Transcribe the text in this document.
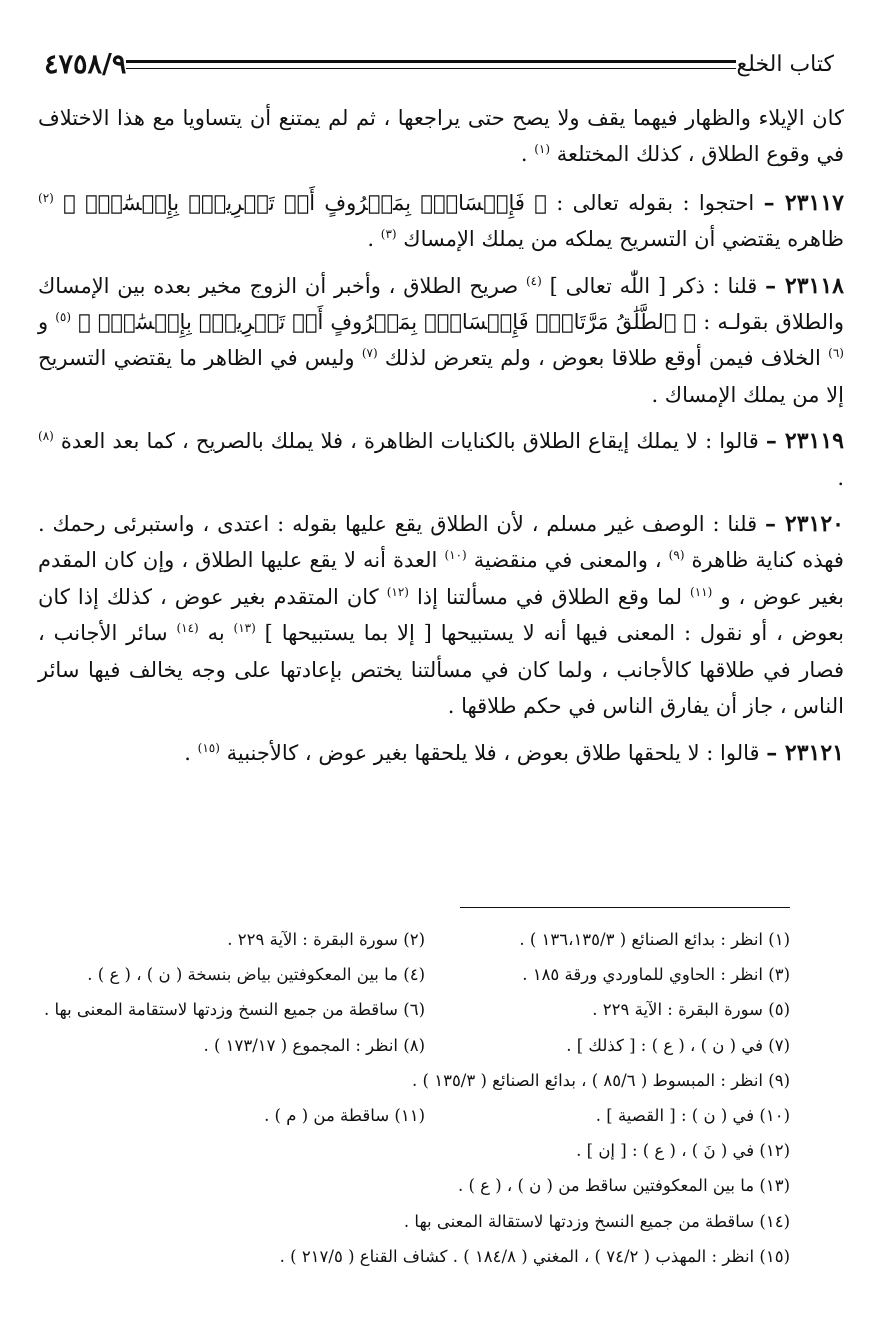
كتاب الخلع
٤٧٥٨/٩

كان الإيلاء والظهار فيهما يقف ولا يصح حتى يراجعها ، ثم لم يمتنع أن يتساويا مع هذا الاختلاف في وقوع الطلاق ، كذلك المختلعة $^{(١)}$ .

٢٣١١٧ – احتجوا : بقوله تعالى : ﴿ فَإِمۡسَاكُۢ بِمَعۡرُوفٍ أَوۡ تَسۡرِيحُۢ بِإِحۡسَٰنٖۗ ﴾ $^{(٢)}$ ظاهره يقتضي أن التسريح يملكه من يملك الإمساك $^{(٣)}$ .

٢٣١١٨ – قلنا : ذكر [ اللّٰه تعالى ] $^{(٤)}$ صريح الطلاق ، وأخبر أن الزوج مخير بعده بين الإمساك والطلاق بقولـه : ﴿ ٱلطَّلَٰقُ مَرَّتَانِۖ فَإِمۡسَاكُۢ بِمَعۡرُوفٍ أَوۡ تَسۡرِيحُۢ بِإِحۡسَٰنٖۗ ﴾ $^{(٥)}$ و $^{(٦)}$ الخلاف فيمن أوقع طلاقا بعوض ، ولم يتعرض لذلك $^{(٧)}$ وليس في الظاهر ما يقتضي التسريح إلا من يملك الإمساك .

٢٣١١٩ – قالوا : لا يملك إيقاع الطلاق بالكنايات الظاهرة ، فلا يملك بالصريح ، كما بعد العدة $^{(٨)}$ .

٢٣١٢٠ – قلنا : الوصف غير مسلم ، لأن الطلاق يقع عليها بقوله : اعتدى ، واستبرئى رحمك . فهذه كناية ظاهرة $^{(٩)}$ ، والمعنى في منقضية $^{(١٠)}$ العدة أنه لا يقع عليها الطلاق ، وإن كان المقدم بغير عوض ، و $^{(١١)}$ لما وقع الطلاق في مسألتنا إذا $^{(١٢)}$ كان المتقدم بغير عوض ، كذلك إذا كان بعوض ، أو نقول : المعنى فيها أنه لا يستبيحها [ إلا بما يستبيحها ] $^{(١٣)}$ به $^{(١٤)}$ سائر الأجانب ، فصار في طلاقها كالأجانب ، ولما كان في مسألتنا يختص بإعادتها على وجه يخالف فيها سائر الناس ، جاز أن يفارق الناس في حكم طلاقها .

٢٣١٢١ – قالوا : لا يلحقها طلاق بعوض ، فلا يلحقها بغير عوض ، كالأجنبية $^{(١٥)}$ .

(١) انظر : بدائع الصنائع ( ١٣٦،١٣٥/٣ ) .
(٢) سورة البقرة : الآية ٢٢٩ .
(٣) انظر : الحاوي للماوردي ورقة ١٨٥ .
(٤) ما بين المعكوفتين بياض بنسخة ( ن ) ، ( ع ) .
(٥) سورة البقرة : الآية ٢٢٩ .
(٦) ساقطة من جميع النسخ وزدتها لاستقامة المعنى بها .
(٧) في ( ن ) ، ( ع ) : [ كذلك ] .
(٨) انظر : المجموع ( ١٧٣/١٧ ) .
(٩) انظر : المبسوط ( ٨٥/٦ ) ، بدائع الصنائع ( ١٣٥/٣ ) .
(١٠) في ( ن ) : [ القصية ] .
(١١) ساقطة من ( م ) .
(١٢) في ( نَ ) ، ( ع ) : [ إن ] .
(١٣) ما بين المعكوفتين ساقط من ( ن ) ، ( ع ) .
(١٤) ساقطة من جميع النسخ وزدتها لاستقالة المعنى بها .
(١٥) انظر : المهذب ( ٧٤/٢ ) ، المغني ( ١٨٤/٨ ) . كشاف القناع ( ٢١٧/٥ ) .
